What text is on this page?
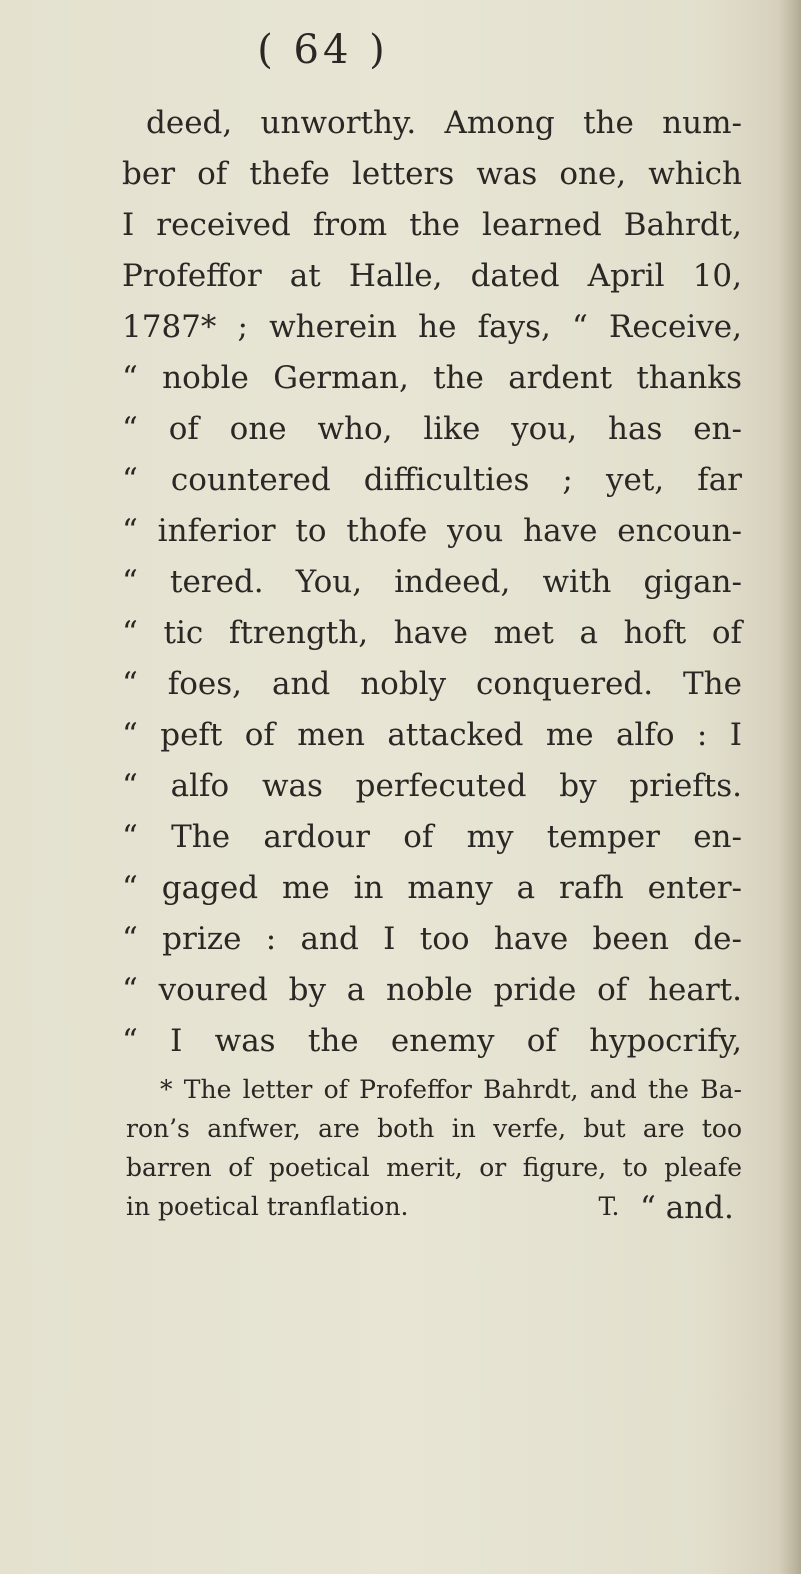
( 64 )
deed, unworthy. Among the num-
ber of thefe letters was one, which
I received from the learned Bahrdt,
Profeffor at Halle, dated April 10,
1787* ; wherein he fays, “ Receive,
“ noble German, the ardent thanks
“ of one who, like you, has en-
“ countered difficulties ; yet, far
“ inferior to thofe you have encoun-
“ tered. You, indeed, with gigan-
“ tic ftrength, have met a hoft of
“ foes, and nobly conquered. The
“ peft of men attacked me alfo : I
“ alfo was perfecuted by priefts.
“ The ardour of my temper en-
“ gaged me in many a rafh enter-
“ prize : and I too have been de-
“ voured by a noble pride of heart.
“ I was the enemy of hypocrify,
* The letter of Profeffor Bahrdt, and the Ba-
ron’s anfwer, are both in verfe, but are too
barren of poetical merit, or figure, to pleafe
in poetical tranflation.	T. “ and.
